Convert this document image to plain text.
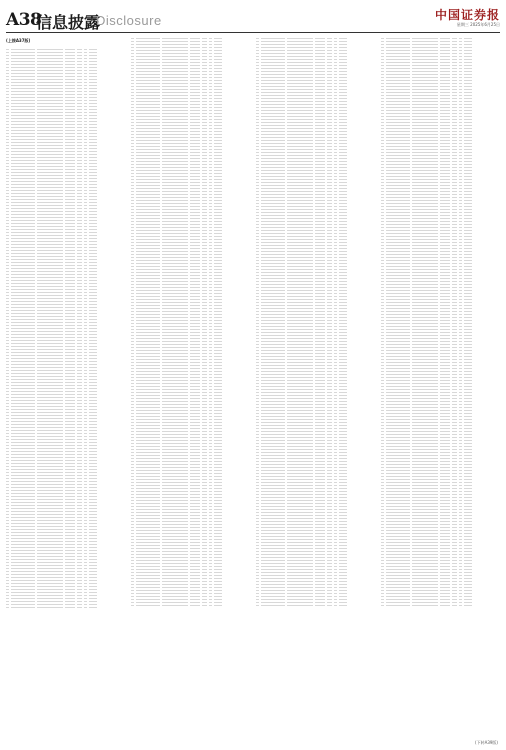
A38
信息披露
Disclosure	中国证券报
星期三 2025年6月25日
(上接A37版)
(下转A39版)
